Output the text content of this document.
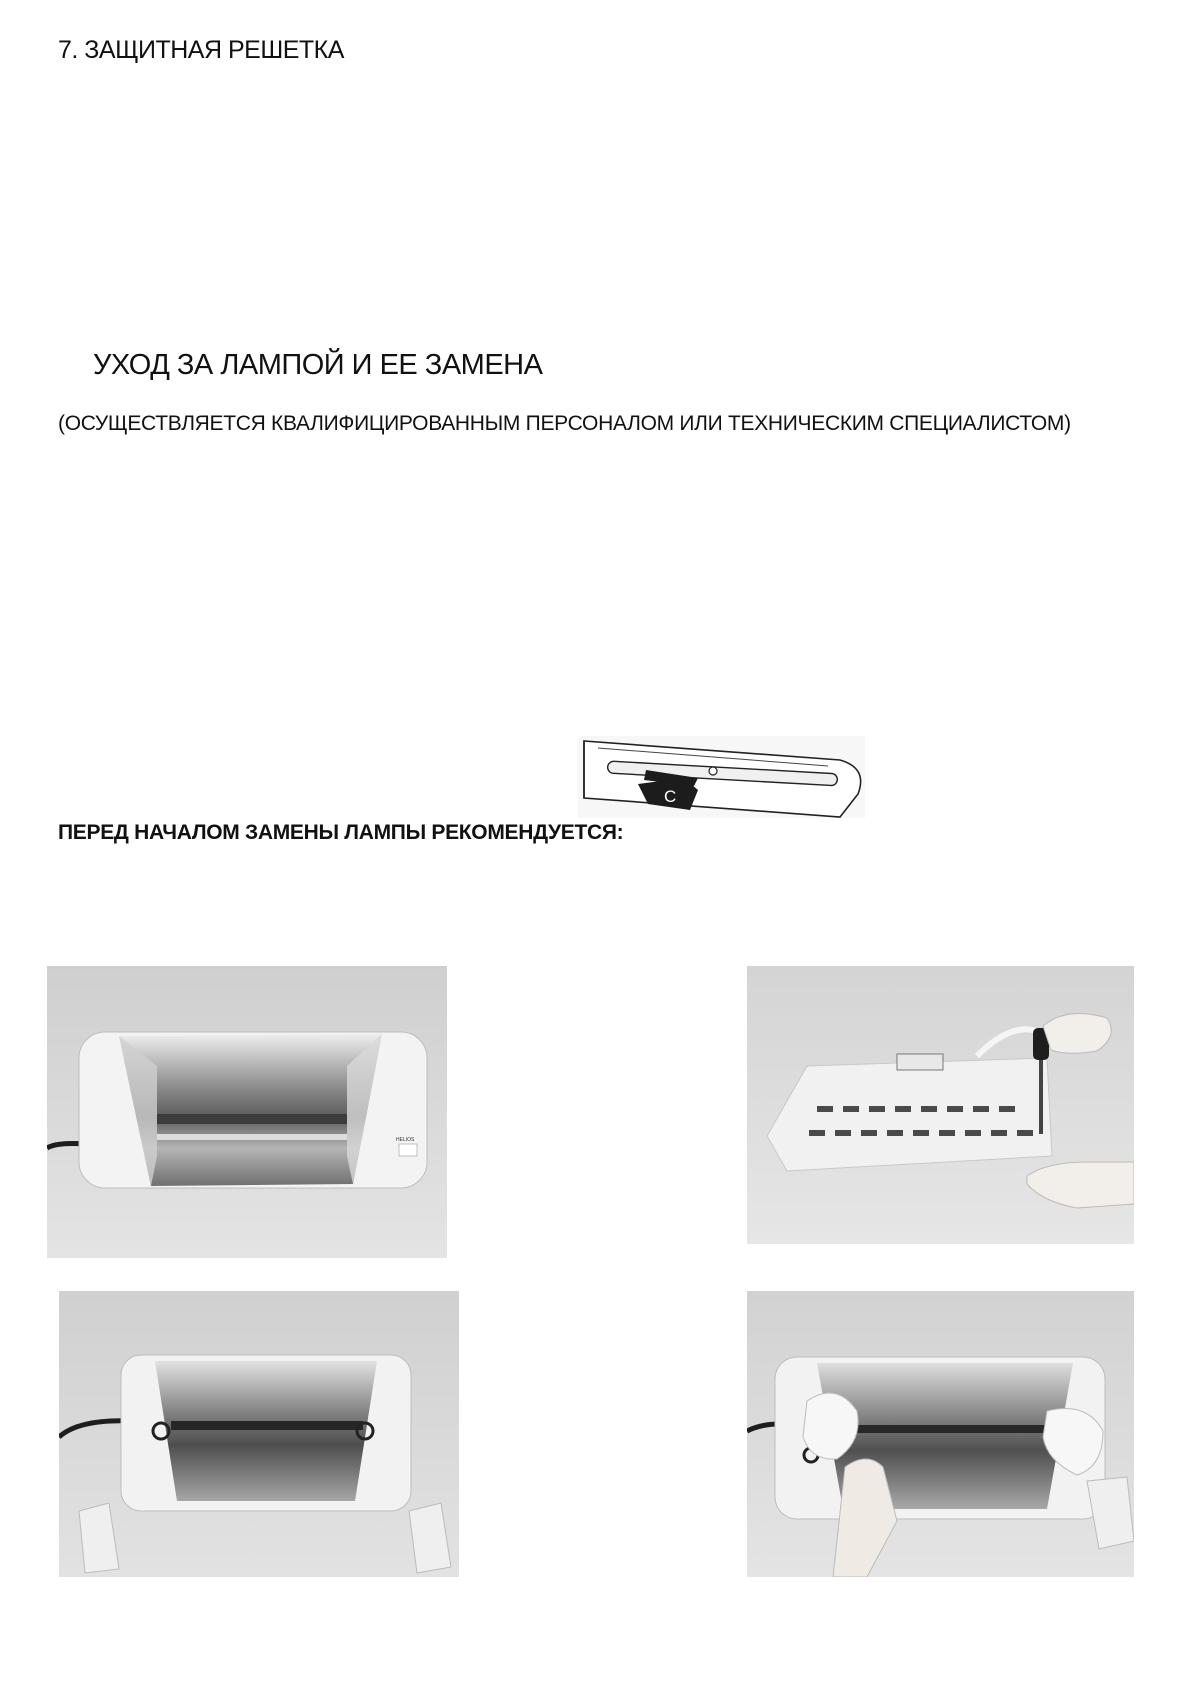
7. ЗАЩИТНАЯ РЕШЕТКА
УХОД ЗА ЛАМПОЙ И ЕЕ ЗАМЕНА

(ОСУЩЕСТВЛЯЕТСЯ КВАЛИФИЦИРОВАННЫМ ПЕРСОНАЛОМ ИЛИ ТЕХНИЧЕСКИМ СПЕЦИАЛИСТОМ)

C
ПЕРЕД НАЧАЛОМ ЗАМЕНЫ ЛАМПЫ РЕКОМЕНДУЕТСЯ:
HELIOS
